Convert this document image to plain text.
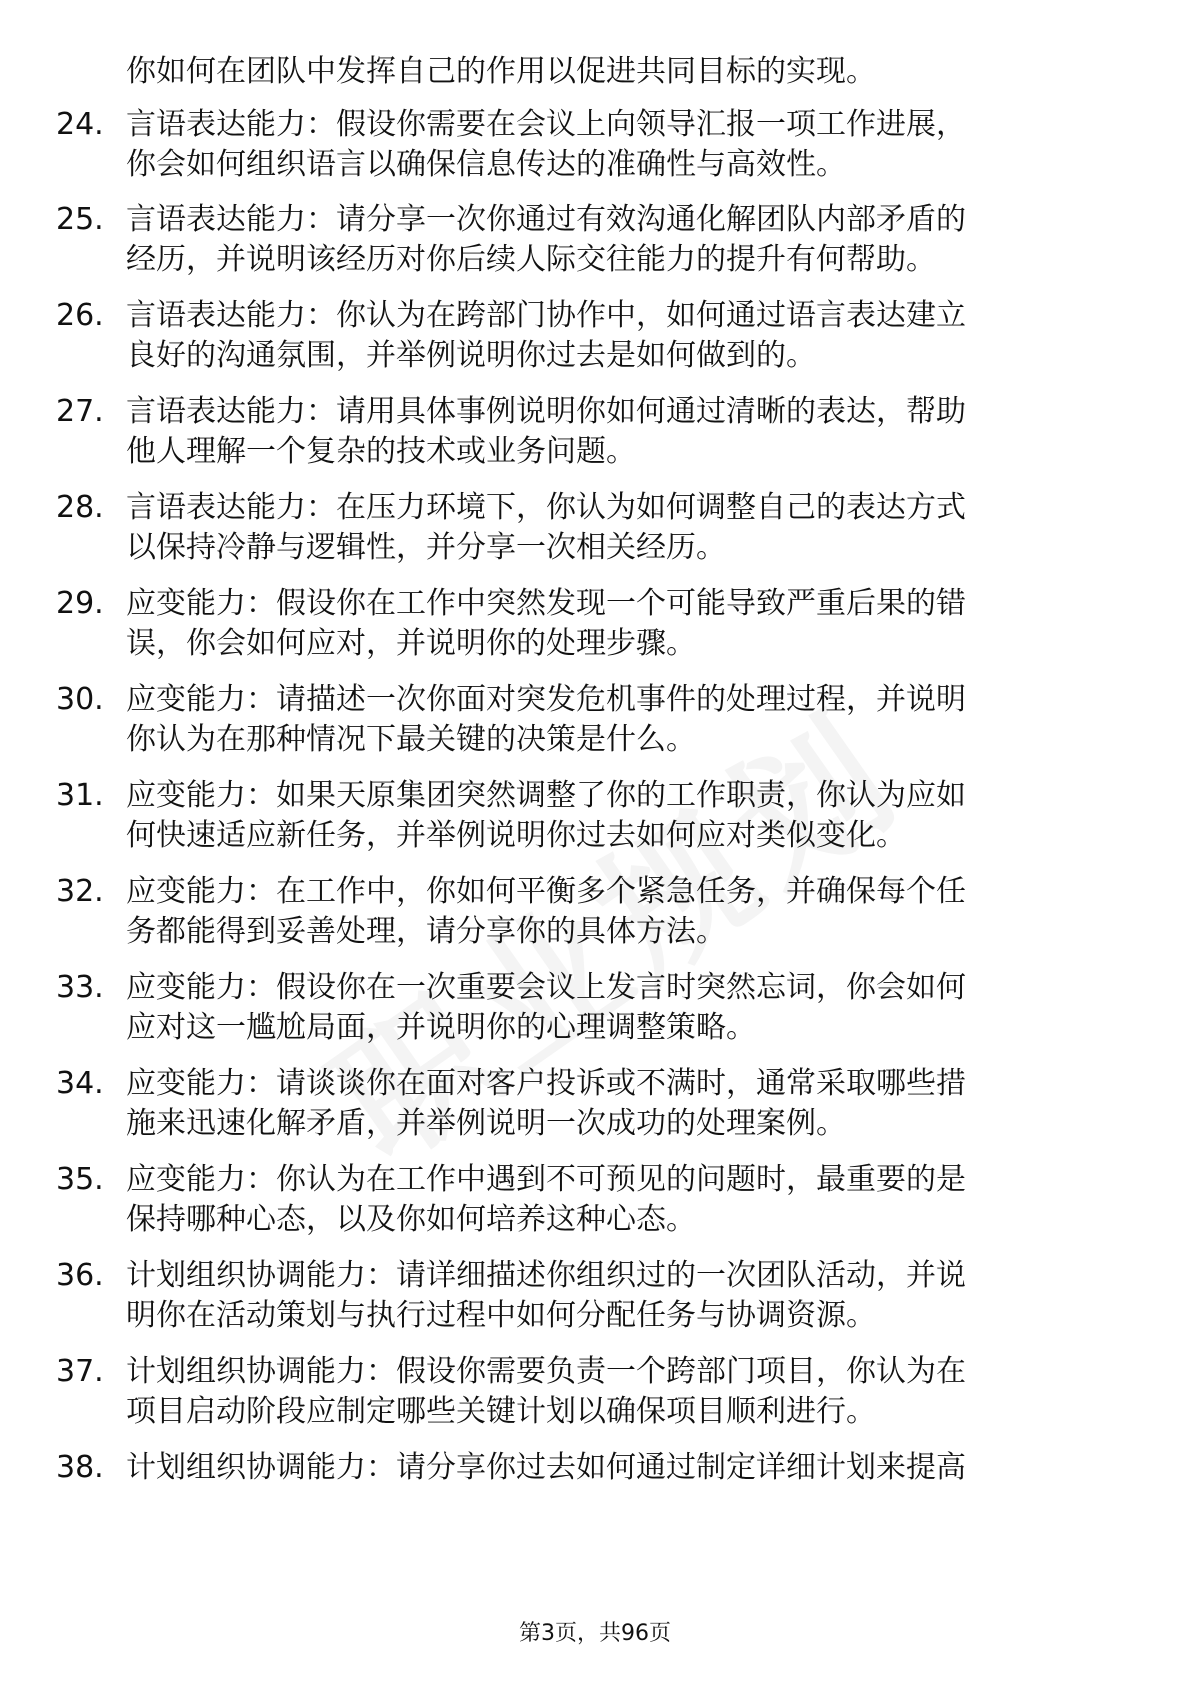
你如何在团队中发挥自己的作用以促进共同目标的实现。
24. 言语表达能力：假设你需要在会议上向领导汇报一项工作进展，
你会如何组织语言以确保信息传达的准确性与高效性。
25. 言语表达能力：请分享一次你通过有效沟通化解团队内部矛盾的
经历，并说明该经历对你后续人际交往能力的提升有何帮助。
26. 言语表达能力：你认为在跨部门协作中，如何通过语言表达建立
良好的沟通氛围，并举例说明你过去是如何做到的。
27. 言语表达能力：请用具体事例说明你如何通过清晰的表达，帮助
他人理解一个复杂的技术或业务问题。
28. 言语表达能力：在压力环境下，你认为如何调整自己的表达方式
以保持冷静与逻辑性，并分享一次相关经历。
29. 应变能力：假设你在工作中突然发现一个可能导致严重后果的错
误，你会如何应对，并说明你的处理步骤。
30. 应变能力：请描述一次你面对突发危机事件的处理过程，并说明
你认为在那种情况下最关键的决策是什么。
31. 应变能力：如果天原集团突然调整了你的工作职责，你认为应如
何快速适应新任务，并举例说明你过去如何应对类似变化。
32. 应变能力：在工作中，你如何平衡多个紧急任务，并确保每个任
务都能得到妥善处理，请分享你的具体方法。
33. 应变能力：假设你在一次重要会议上发言时突然忘词，你会如何
应对这一尴尬局面，并说明你的心理调整策略。
34. 应变能力：请谈谈你在面对客户投诉或不满时，通常采取哪些措
施来迅速化解矛盾，并举例说明一次成功的处理案例。
35. 应变能力：你认为在工作中遇到不可预见的问题时，最重要的是
保持哪种心态，以及你如何培养这种心态。
36. 计划组织协调能力：请详细描述你组织过的一次团队活动，并说
明你在活动策划与执行过程中如何分配任务与协调资源。
37. 计划组织协调能力：假设你需要负责一个跨部门项目，你认为在
项目启动阶段应制定哪些关键计划以确保项目顺利进行。
38. 计划组织协调能力：请分享你过去如何通过制定详细计划来提高
第3页，共96页
